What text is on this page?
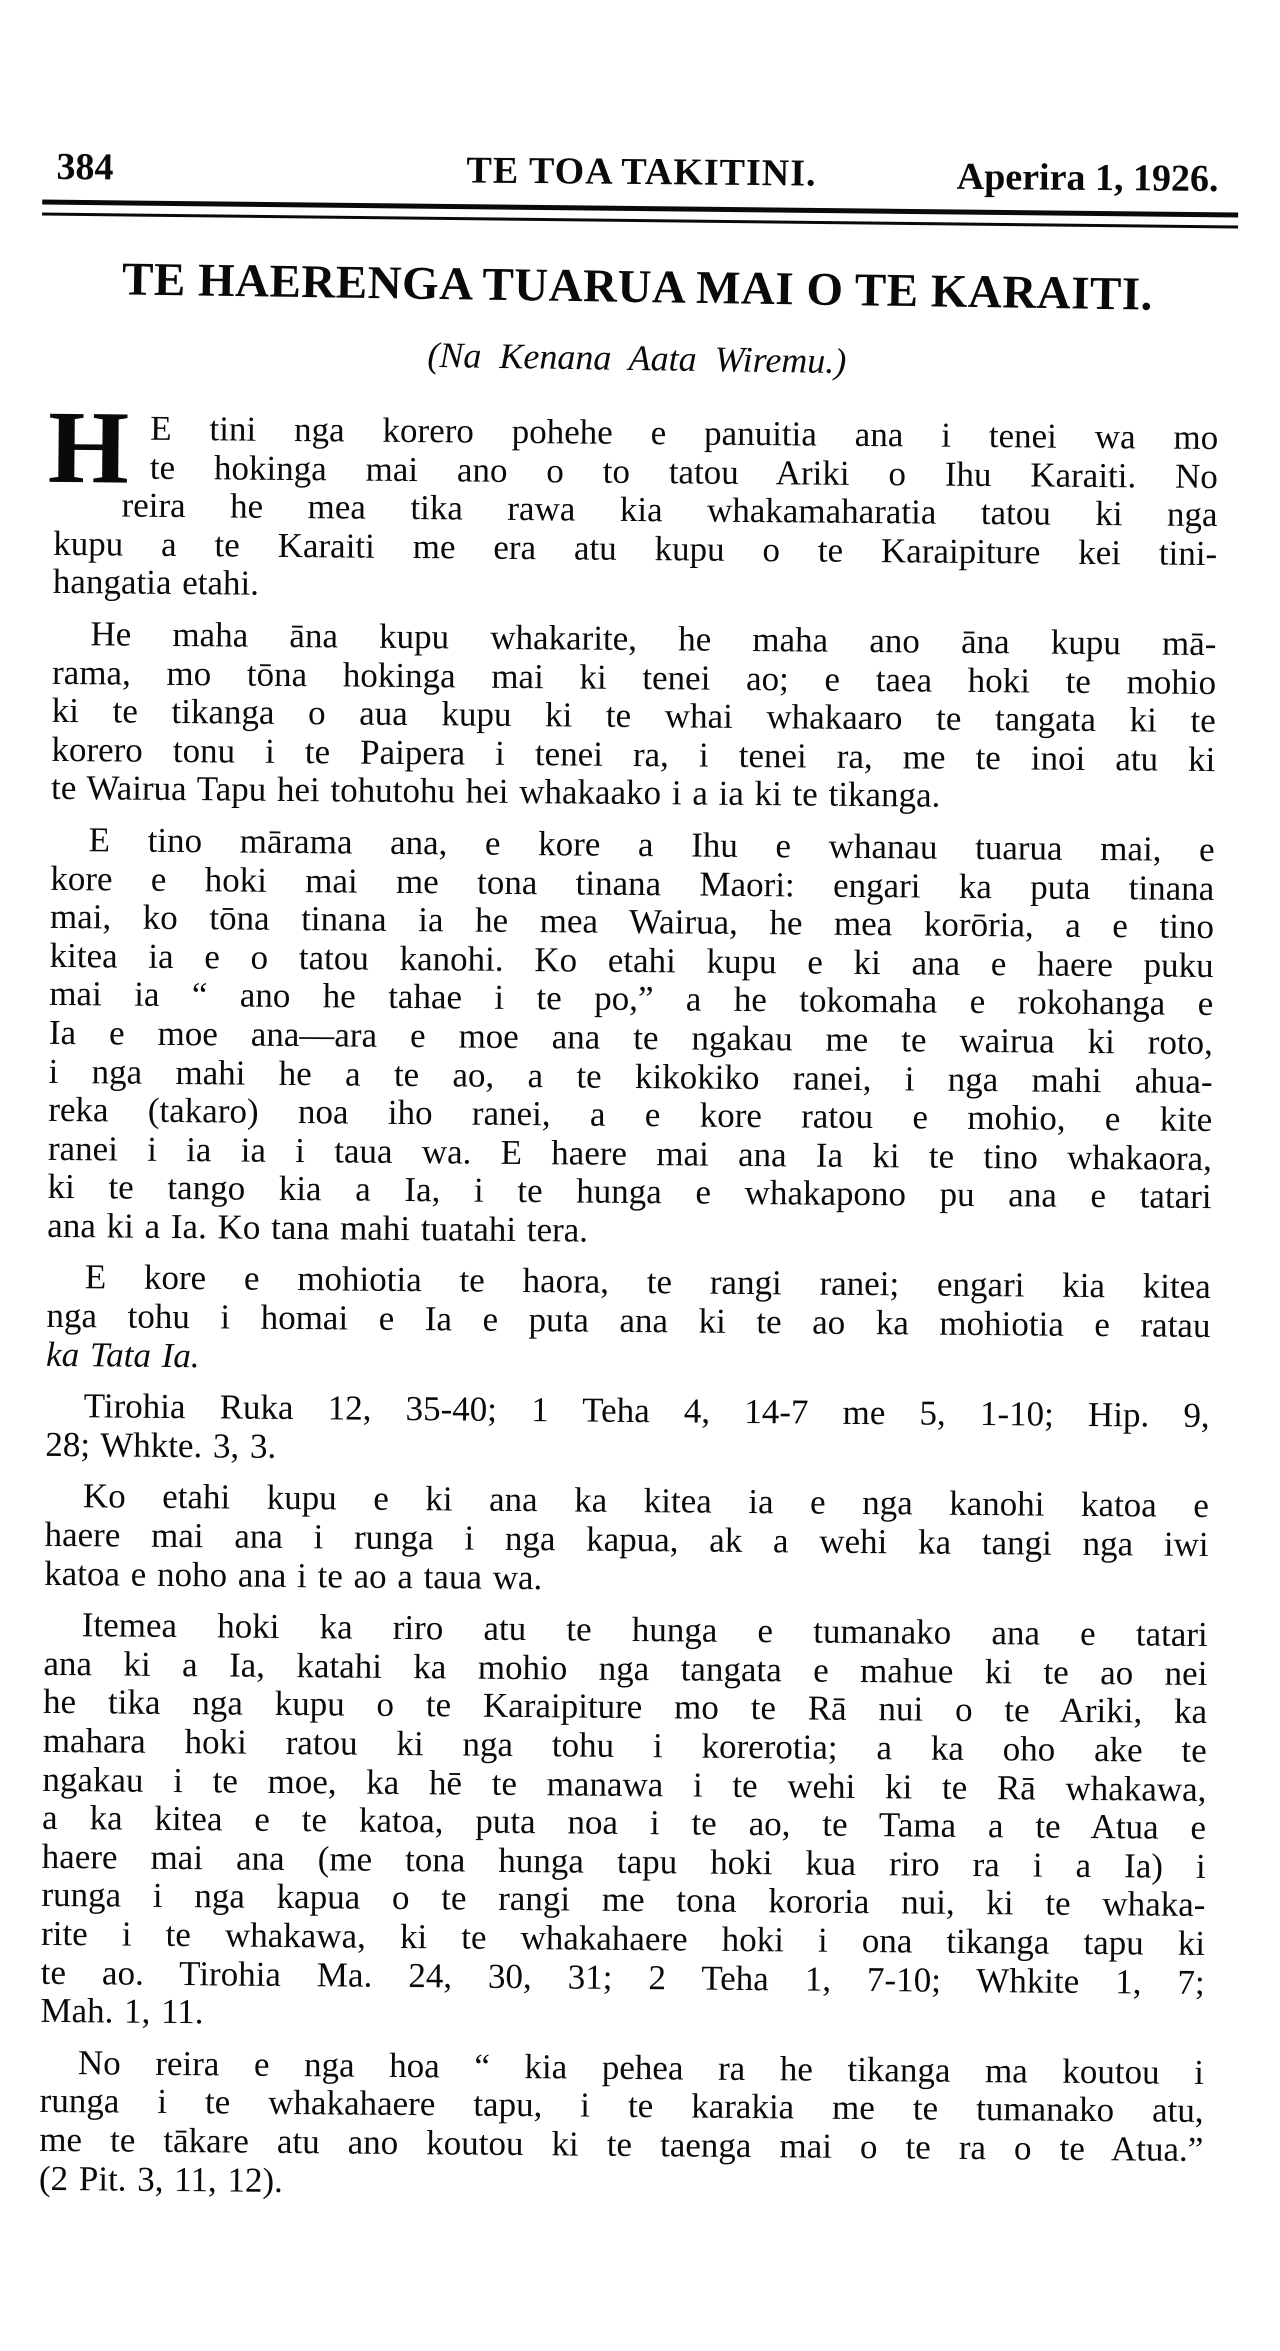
384	TE TOA TAKITINI.	Aperira 1, 1926.
TE HAERENGA TUARUA MAI O TE KARAITI.
(Na Kenana Aata Wiremu.)
H E tini nga korero pohehe e panuitia ana i tenei wa mo
te hokinga mai ano o to tatou Ariki o Ihu Karaiti. No
reira he mea tika rawa kia whakamaharatia tatou ki nga
kupu a te Karaiti me era atu kupu o te Karaipiture kei tini-
hangatia etahi.
He maha āna kupu whakarite, he maha ano āna kupu mā-
rama, mo tōna hokinga mai ki tenei ao; e taea hoki te mohio
ki te tikanga o aua kupu ki te whai whakaaro te tangata ki te
korero tonu i te Paipera i tenei ra, i tenei ra, me te inoi atu ki
te Wairua Tapu hei tohutohu hei whakaako i a ia ki te tikanga.
E tino mārama ana, e kore a Ihu e whanau tuarua mai, e
kore e hoki mai me tona tinana Maori: engari ka puta tinana
mai, ko tōna tinana ia he mea Wairua, he mea korōria, a e tino
kitea ia e o tatou kanohi. Ko etahi kupu e ki ana e haere puku
mai ia “ ano he tahae i te po,” a he tokomaha e rokohanga e
Ia e moe ana—ara e moe ana te ngakau me te wairua ki roto,
i nga mahi he a te ao, a te kikokiko ranei, i nga mahi ahua-
reka (takaro) noa iho ranei, a e kore ratou e mohio, e kite
ranei i ia ia i taua wa. E haere mai ana Ia ki te tino whakaora,
ki te tango kia a Ia, i te hunga e whakapono pu ana e tatari
ana ki a Ia. Ko tana mahi tuatahi tera.
E kore e mohiotia te haora, te rangi ranei; engari kia kitea
nga tohu i homai e Ia e puta ana ki te ao ka mohiotia e ratau
ka Tata Ia.
Tirohia Ruka 12, 35-40; 1 Teha 4, 14-7 me 5, 1-10; Hip. 9,
28; Whkte. 3, 3.
Ko etahi kupu e ki ana ka kitea ia e nga kanohi katoa e
haere mai ana i runga i nga kapua, ak a wehi ka tangi nga iwi
katoa e noho ana i te ao a taua wa.
Itemea hoki ka riro atu te hunga e tumanako ana e tatari
ana ki a Ia, katahi ka mohio nga tangata e mahue ki te ao nei
he tika nga kupu o te Karaipiture mo te Rā nui o te Ariki, ka
mahara hoki ratou ki nga tohu i korerotia; a ka oho ake te
ngakau i te moe, ka hē te manawa i te wehi ki te Rā whakawa,
a ka kitea e te katoa, puta noa i te ao, te Tama a te Atua e
haere mai ana (me tona hunga tapu hoki kua riro ra i a Ia) i
runga i nga kapua o te rangi me tona kororia nui, ki te whaka-
rite i te whakawa, ki te whakahaere hoki i ona tikanga tapu ki
te ao. Tirohia Ma. 24, 30, 31; 2 Teha 1, 7-10; Whkite 1, 7;
Mah. 1, 11.
No reira e nga hoa “ kia pehea ra he tikanga ma koutou i
runga i te whakahaere tapu, i te karakia me te tumanako atu,
me te tākare atu ano koutou ki te taenga mai o te ra o te Atua.”
(2 Pit. 3, 11, 12).
